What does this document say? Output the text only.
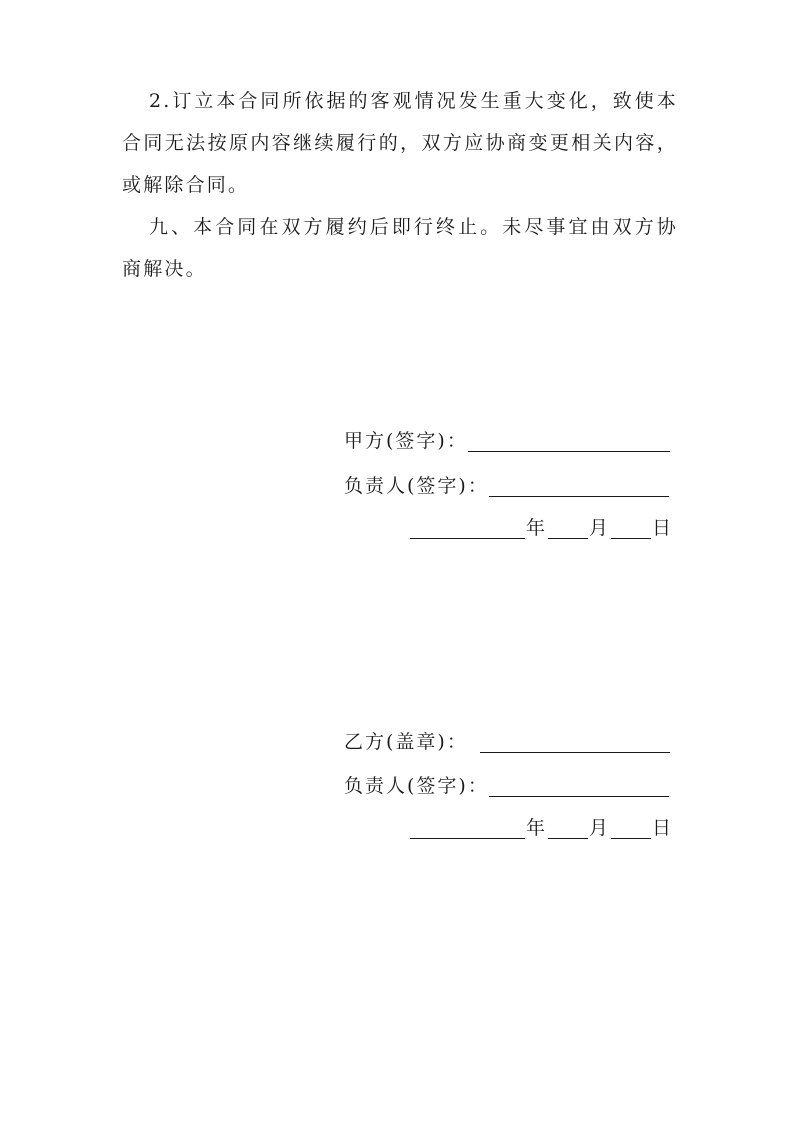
2.订立本合同所依据的客观情况发生重大变化，致使本合同无法按原内容继续履行的，双方应协商变更相关内容，或解除合同。

九、本合同在双方履约后即行终止。未尽事宜由双方协商解决。

甲方(签字)：
负责人(签字)：
年 月 日
乙方(盖章)：
负责人(签字)：
年 月 日
